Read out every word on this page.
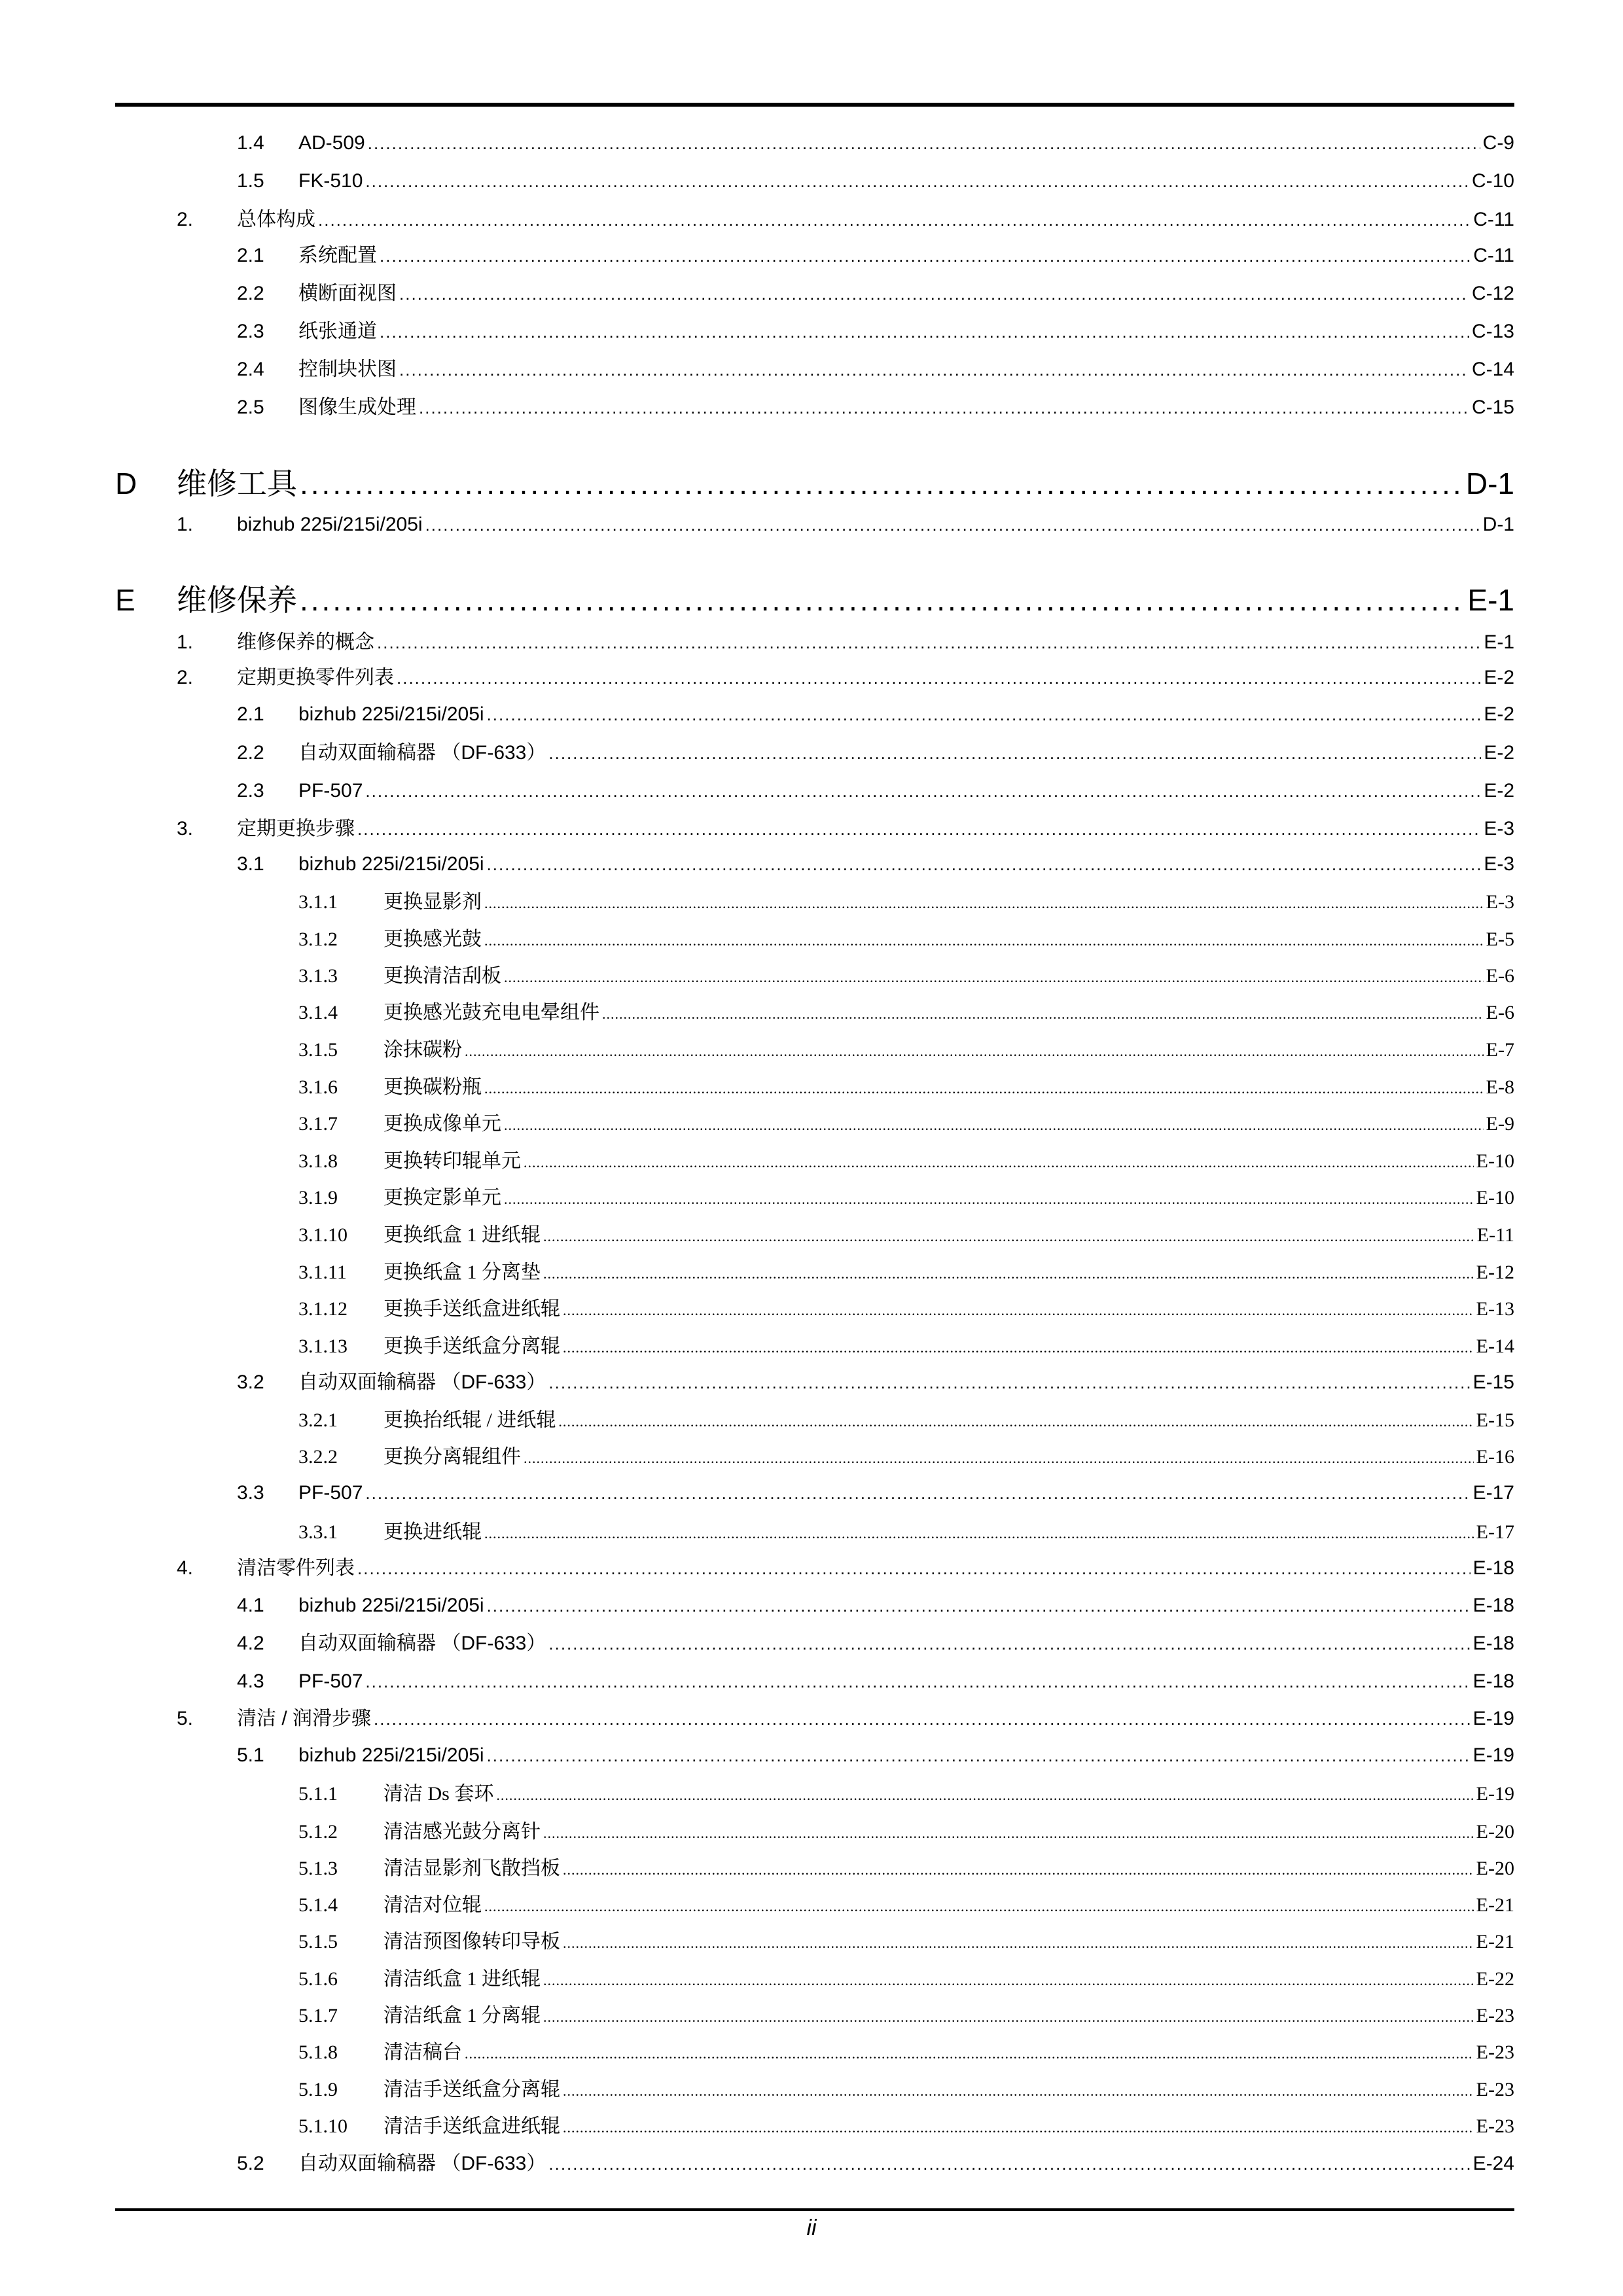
1.4 AD-509 .....	C-9
1.5 FK-510 .....	C-10
2. 总体构成 .....	C-11
2.1 系统配置 .....	C-11
2.2 横断面视图 .....	C-12
2.3 纸张通道 .....	C-13
2.4 控制块状图 .....	C-14
2.5 图像生成处理 .....	C-15
D 维修工具 .....	D-1
1. bizhub 225i/215i/205i .....	D-1
E 维修保养 .....	E-1
1. 维修保养的概念 .....	E-1
2. 定期更换零件列表 .....	E-2
2.1 bizhub 225i/215i/205i .....	E-2
2.2 自动双面输稿器 （DF-633） .....	E-2
2.3 PF-507 .....	E-2
3. 定期更换步骤 .....	E-3
3.1 bizhub 225i/215i/205i .....	E-3
3.1.1 更换显影剂 .....	E-3
3.1.2 更换感光鼓 .....	E-5
3.1.3 更换清洁刮板 .....	E-6
3.1.4 更换感光鼓充电电晕组件 .....	E-6
3.1.5 涂抹碳粉 .....	E-7
3.1.6 更换碳粉瓶 .....	E-8
3.1.7 更换成像单元 .....	E-9
3.1.8 更换转印辊单元 .....	E-10
3.1.9 更换定影单元 .....	E-10
3.1.10 更换纸盒 1 进纸辊 .....	E-11
3.1.11 更换纸盒 1 分离垫 .....	E-12
3.1.12 更换手送纸盒进纸辊 .....	E-13
3.1.13 更换手送纸盒分离辊 .....	E-14
3.2 自动双面输稿器 （DF-633） .....	E-15
3.2.1 更换抬纸辊 / 进纸辊 .....	E-15
3.2.2 更换分离辊组件 .....	E-16
3.3 PF-507 .....	E-17
3.3.1 更换进纸辊 .....	E-17
4. 清洁零件列表 .....	E-18
4.1 bizhub 225i/215i/205i .....	E-18
4.2 自动双面输稿器 （DF-633） .....	E-18
4.3 PF-507 .....	E-18
5. 清洁 / 润滑步骤 .....	E-19
5.1 bizhub 225i/215i/205i .....	E-19
5.1.1 清洁 Ds 套环 .....	E-19
5.1.2 清洁感光鼓分离针 .....	E-20
5.1.3 清洁显影剂飞散挡板 .....	E-20
5.1.4 清洁对位辊 .....	E-21
5.1.5 清洁预图像转印导板 .....	E-21
5.1.6 清洁纸盒 1 进纸辊 .....	E-22
5.1.7 清洁纸盒 1 分离辊 .....	E-23
5.1.8 清洁稿台 .....	E-23
5.1.9 清洁手送纸盒分离辊 .....	E-23
5.1.10 清洁手送纸盒进纸辊 .....	E-23
5.2 自动双面输稿器 （DF-633） .....	E-24
ii
